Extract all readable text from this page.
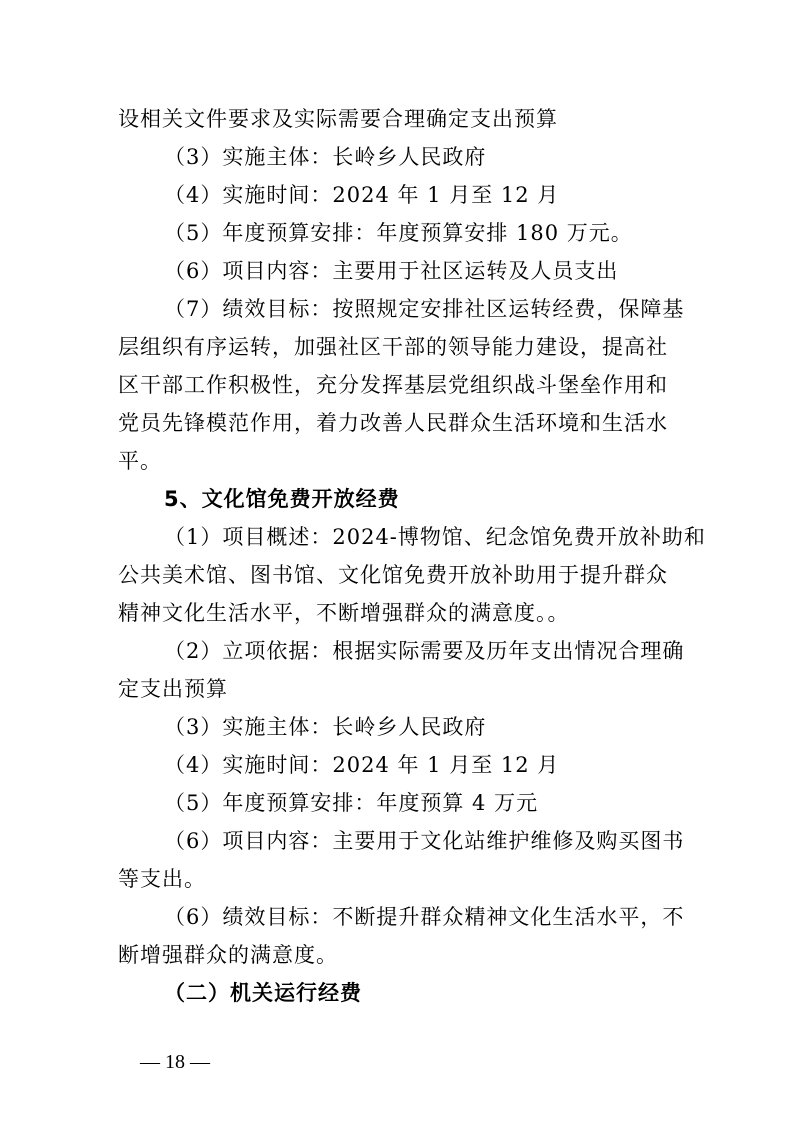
设相关文件要求及实际需要合理确定支出预算
（3）实施主体：长岭乡人民政府
（4）实施时间：2024 年 1 月至 12 月
（5）年度预算安排：年度预算安排 180 万元。
（6）项目内容：主要用于社区运转及人员支出
（7）绩效目标：按照规定安排社区运转经费，保障基
层组织有序运转，加强社区干部的领导能力建设，提高社
区干部工作积极性，充分发挥基层党组织战斗堡垒作用和
党员先锋模范作用，着力改善人民群众生活环境和生活水
平。
5、文化馆免费开放经费
（1）项目概述：2024-博物馆、纪念馆免费开放补助和
公共美术馆、图书馆、文化馆免费开放补助用于提升群众
精神文化生活水平，不断增强群众的满意度。。
（2）立项依据：根据实际需要及历年支出情况合理确
定支出预算
（3）实施主体：长岭乡人民政府
（4）实施时间：2024 年 1 月至 12 月
（5）年度预算安排：年度预算 4 万元
（6）项目内容：主要用于文化站维护维修及购买图书
等支出。
（6）绩效目标：不断提升群众精神文化生活水平，不
断增强群众的满意度。
（二）机关运行经费
— 18 —
